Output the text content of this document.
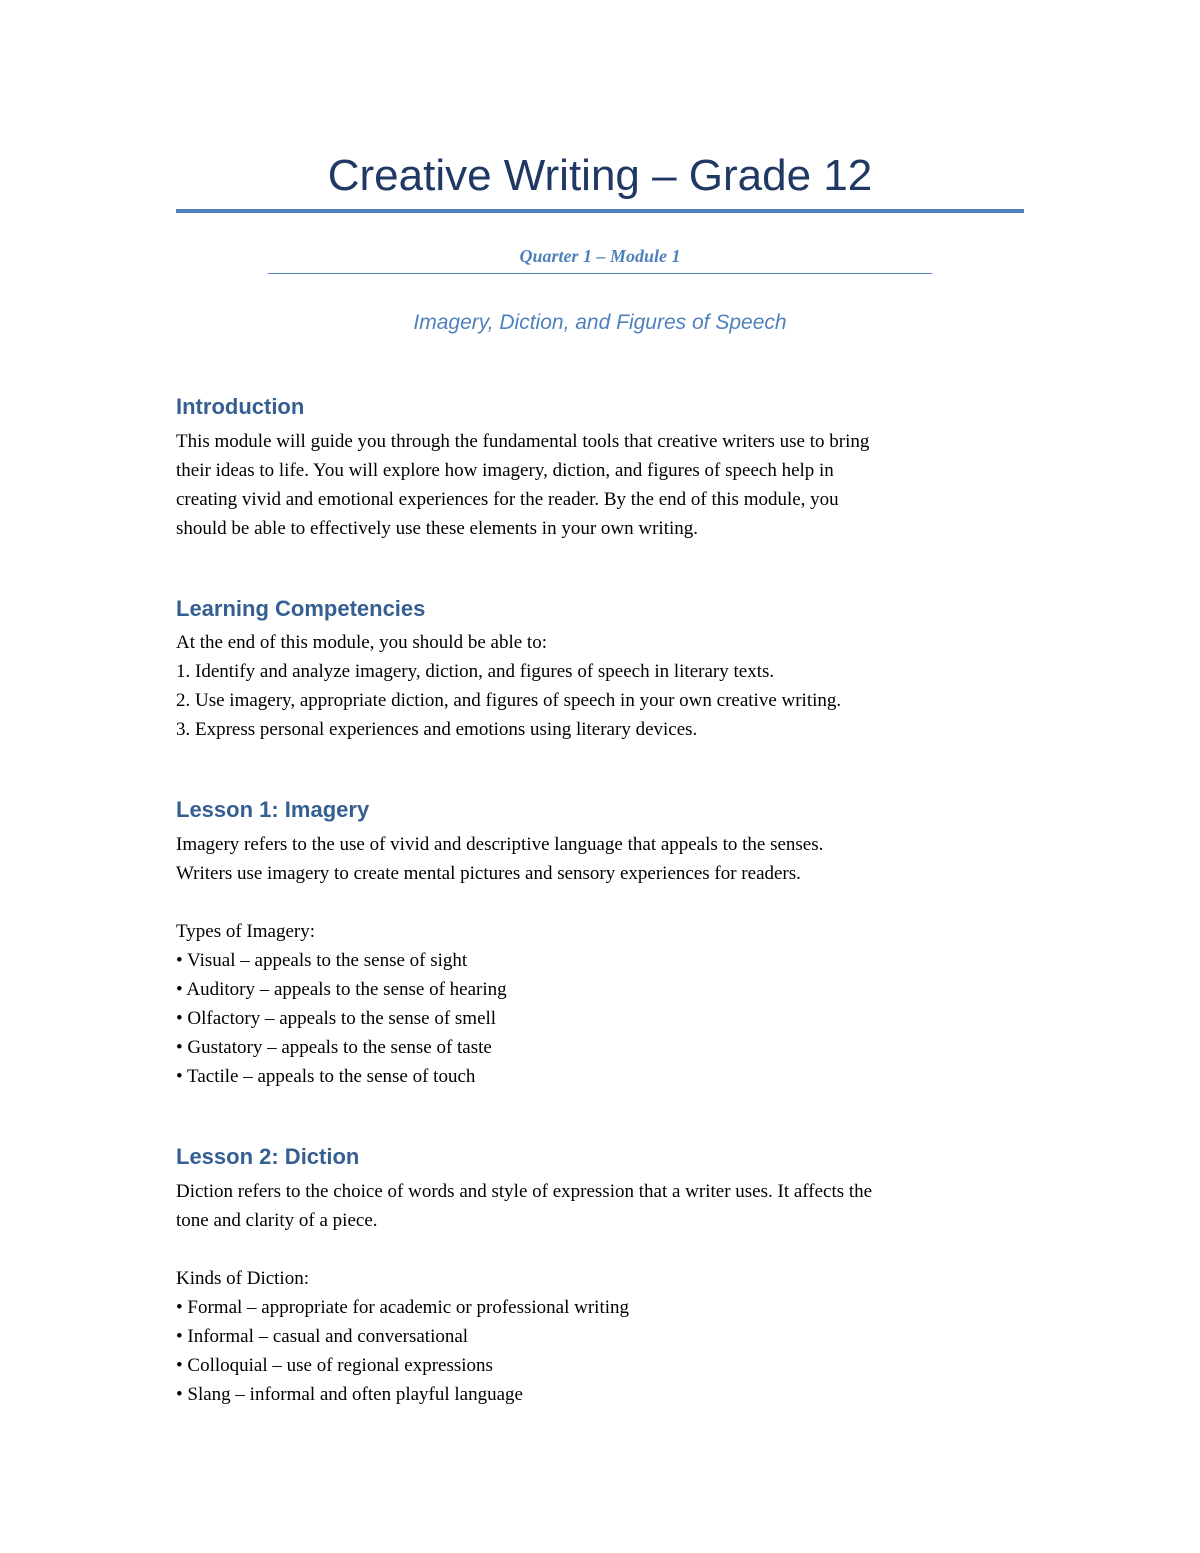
Creative Writing – Grade 12
Quarter 1 – Module 1
Imagery, Diction, and Figures of Speech
Introduction
This module will guide you through the fundamental tools that creative writers use to bring
their ideas to life. You will explore how imagery, diction, and figures of speech help in
creating vivid and emotional experiences for the reader. By the end of this module, you
should be able to effectively use these elements in your own writing.
Learning Competencies
At the end of this module, you should be able to:
1. Identify and analyze imagery, diction, and figures of speech in literary texts.
2. Use imagery, appropriate diction, and figures of speech in your own creative writing.
3. Express personal experiences and emotions using literary devices.
Lesson 1: Imagery
Imagery refers to the use of vivid and descriptive language that appeals to the senses.
Writers use imagery to create mental pictures and sensory experiences for readers.
Types of Imagery:
• Visual – appeals to the sense of sight
• Auditory – appeals to the sense of hearing
• Olfactory – appeals to the sense of smell
• Gustatory – appeals to the sense of taste
• Tactile – appeals to the sense of touch
Lesson 2: Diction
Diction refers to the choice of words and style of expression that a writer uses. It affects the
tone and clarity of a piece.
Kinds of Diction:
• Formal – appropriate for academic or professional writing
• Informal – casual and conversational
• Colloquial – use of regional expressions
• Slang – informal and often playful language
